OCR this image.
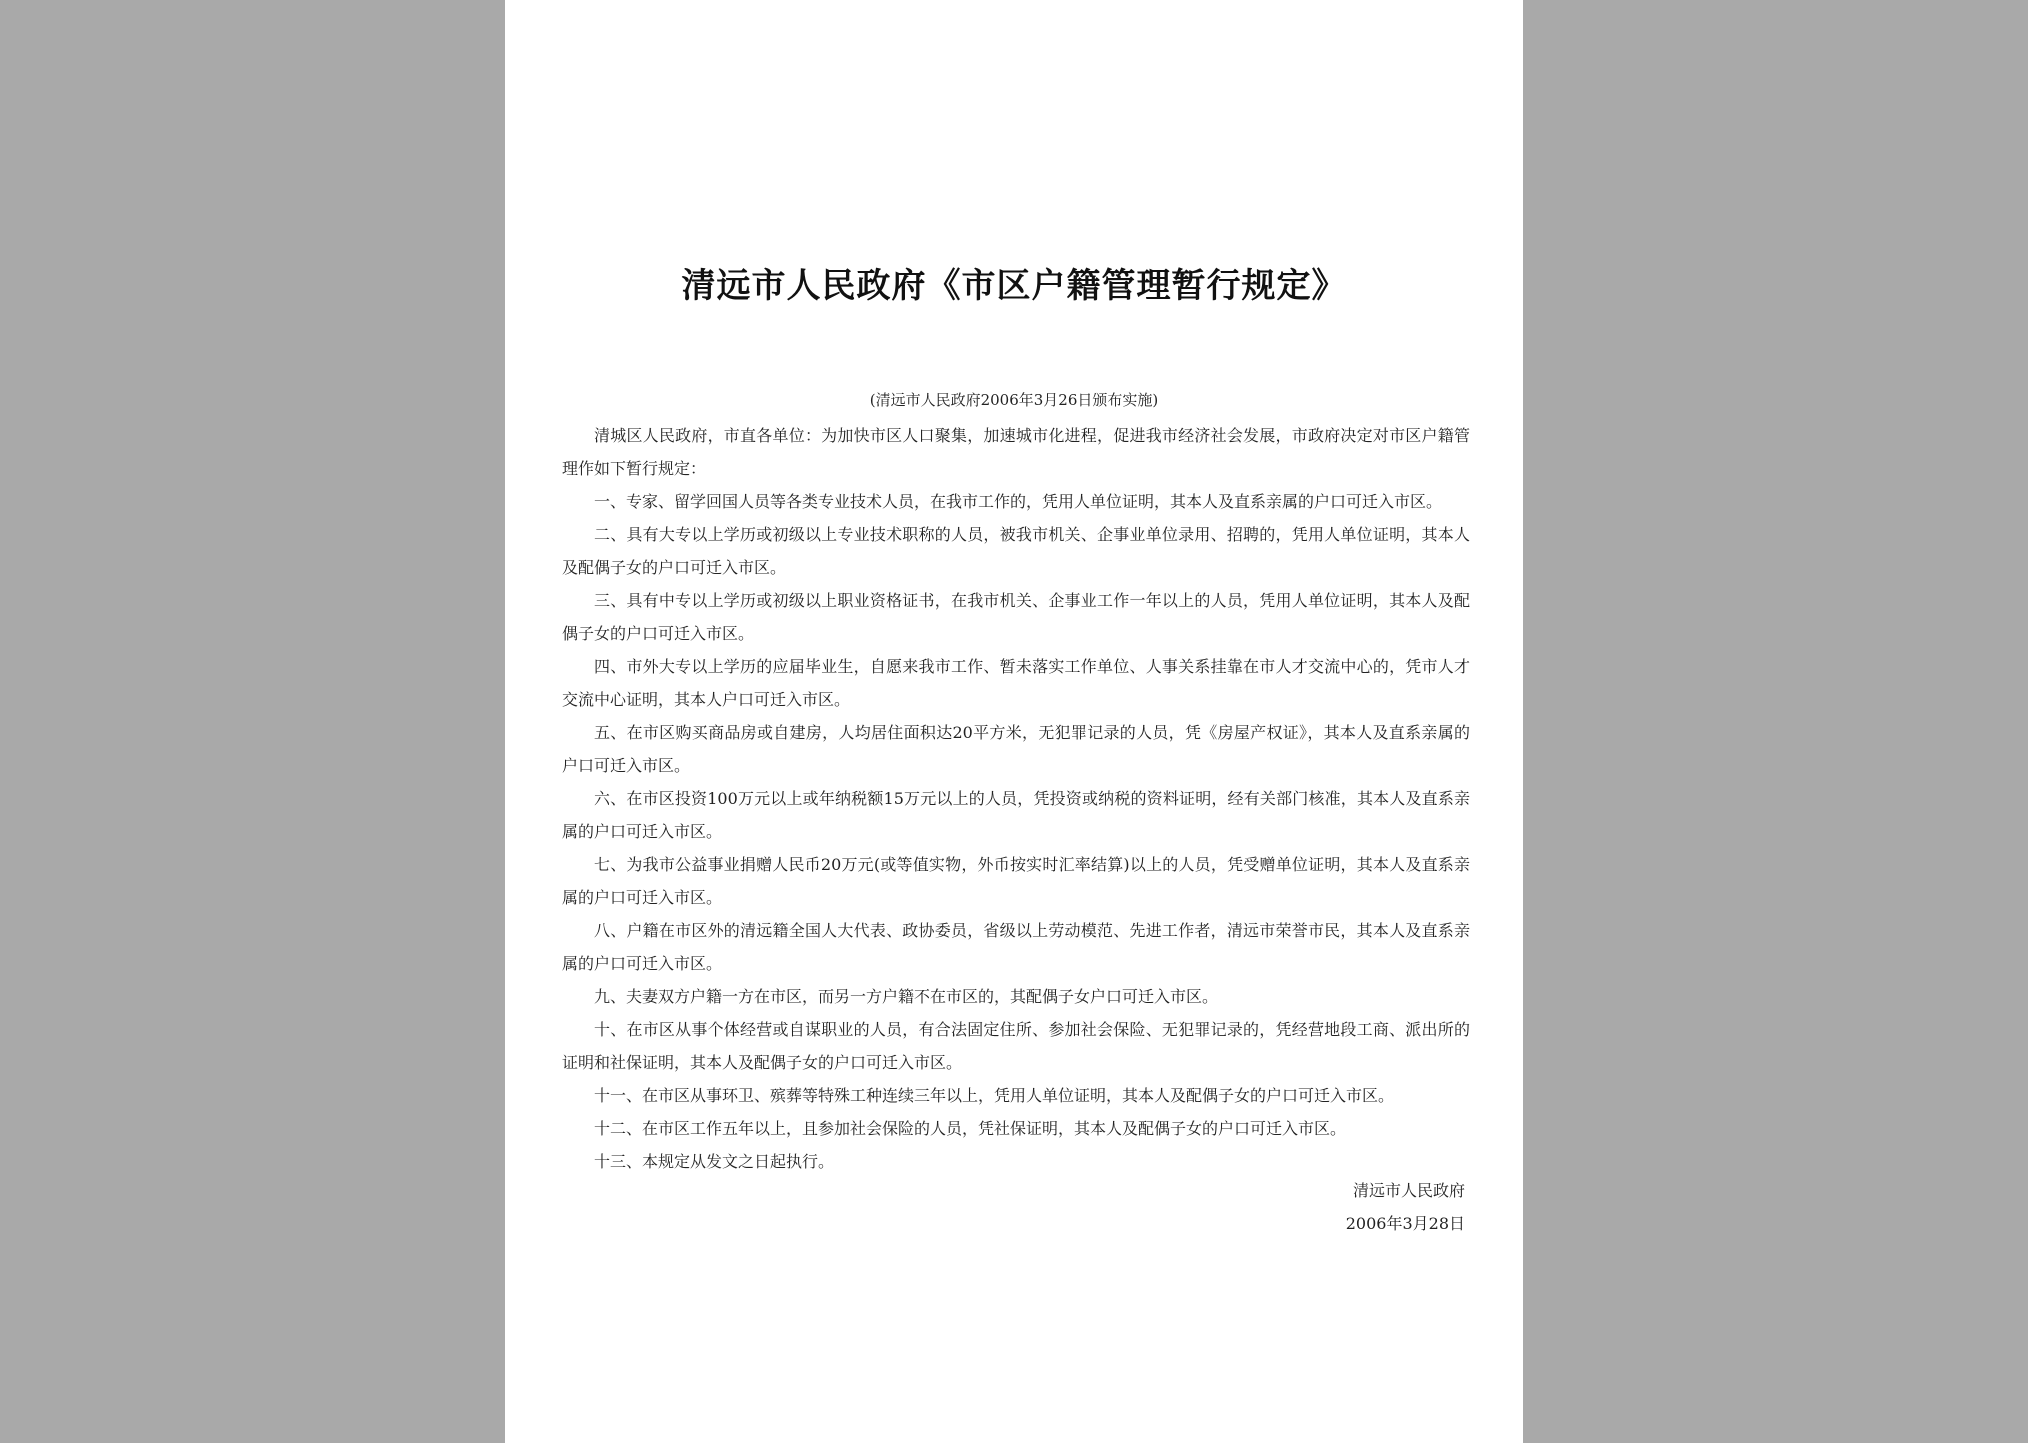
清远市人民政府《市区户籍管理暂行规定》
(清远市人民政府2006年3月26日颁布实施)

清城区人民政府，市直各单位：为加快市区人口聚集，加速城市化进程，促进我市经济社会发展，市政府决定对市区户籍管理作如下暂行规定：

一、专家、留学回国人员等各类专业技术人员，在我市工作的，凭用人单位证明，其本人及直系亲属的户口可迁入市区。

二、具有大专以上学历或初级以上专业技术职称的人员，被我市机关、企事业单位录用、招聘的，凭用人单位证明，其本人及配偶子女的户口可迁入市区。

三、具有中专以上学历或初级以上职业资格证书，在我市机关、企事业工作一年以上的人员，凭用人单位证明，其本人及配偶子女的户口可迁入市区。

四、市外大专以上学历的应届毕业生，自愿来我市工作、暂未落实工作单位、人事关系挂靠在市人才交流中心的，凭市人才交流中心证明，其本人户口可迁入市区。

五、在市区购买商品房或自建房，人均居住面积达20平方米，无犯罪记录的人员，凭《房屋产权证》，其本人及直系亲属的户口可迁入市区。

六、在市区投资100万元以上或年纳税额15万元以上的人员，凭投资或纳税的资料证明，经有关部门核准，其本人及直系亲属的户口可迁入市区。

七、为我市公益事业捐赠人民币20万元(或等值实物，外币按实时汇率结算)以上的人员，凭受赠单位证明，其本人及直系亲属的户口可迁入市区。

八、户籍在市区外的清远籍全国人大代表、政协委员，省级以上劳动模范、先进工作者，清远市荣誉市民，其本人及直系亲属的户口可迁入市区。

九、夫妻双方户籍一方在市区，而另一方户籍不在市区的，其配偶子女户口可迁入市区。

十、在市区从事个体经营或自谋职业的人员，有合法固定住所、参加社会保险、无犯罪记录的，凭经营地段工商、派出所的证明和社保证明，其本人及配偶子女的户口可迁入市区。

十一、在市区从事环卫、殡葬等特殊工种连续三年以上，凭用人单位证明，其本人及配偶子女的户口可迁入市区。

十二、在市区工作五年以上，且参加社会保险的人员，凭社保证明，其本人及配偶子女的户口可迁入市区。

十三、本规定从发文之日起执行。

清远市人民政府
2006年3月28日
